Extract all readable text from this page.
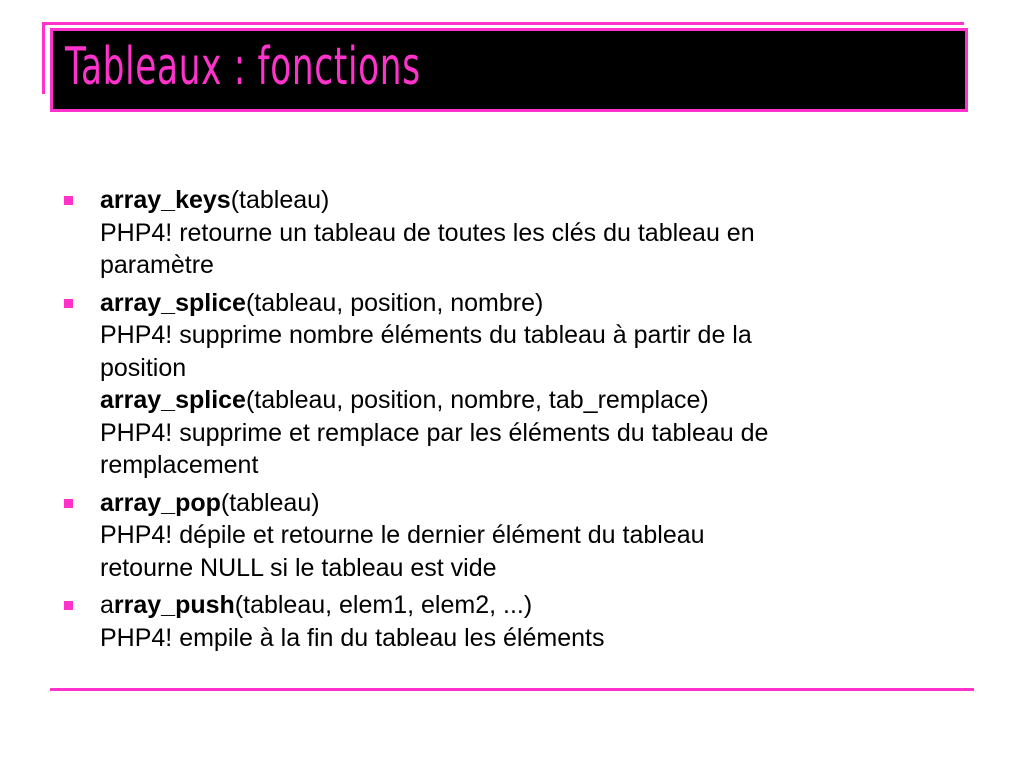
Tableaux : fonctions
array_keys(tableau)
PHP4! retourne un tableau de toutes les clés du tableau en
paramètre
array_splice(tableau, position, nombre)
PHP4! supprime nombre éléments du tableau à partir de la
position
array_splice(tableau, position, nombre, tab_remplace)
PHP4! supprime et remplace par les éléments du tableau de
remplacement
array_pop(tableau)
PHP4! dépile et retourne le dernier élément du tableau
retourne NULL si le tableau est vide
array_push(tableau, elem1, elem2, ...)
PHP4! empile à la fin du tableau les éléments
